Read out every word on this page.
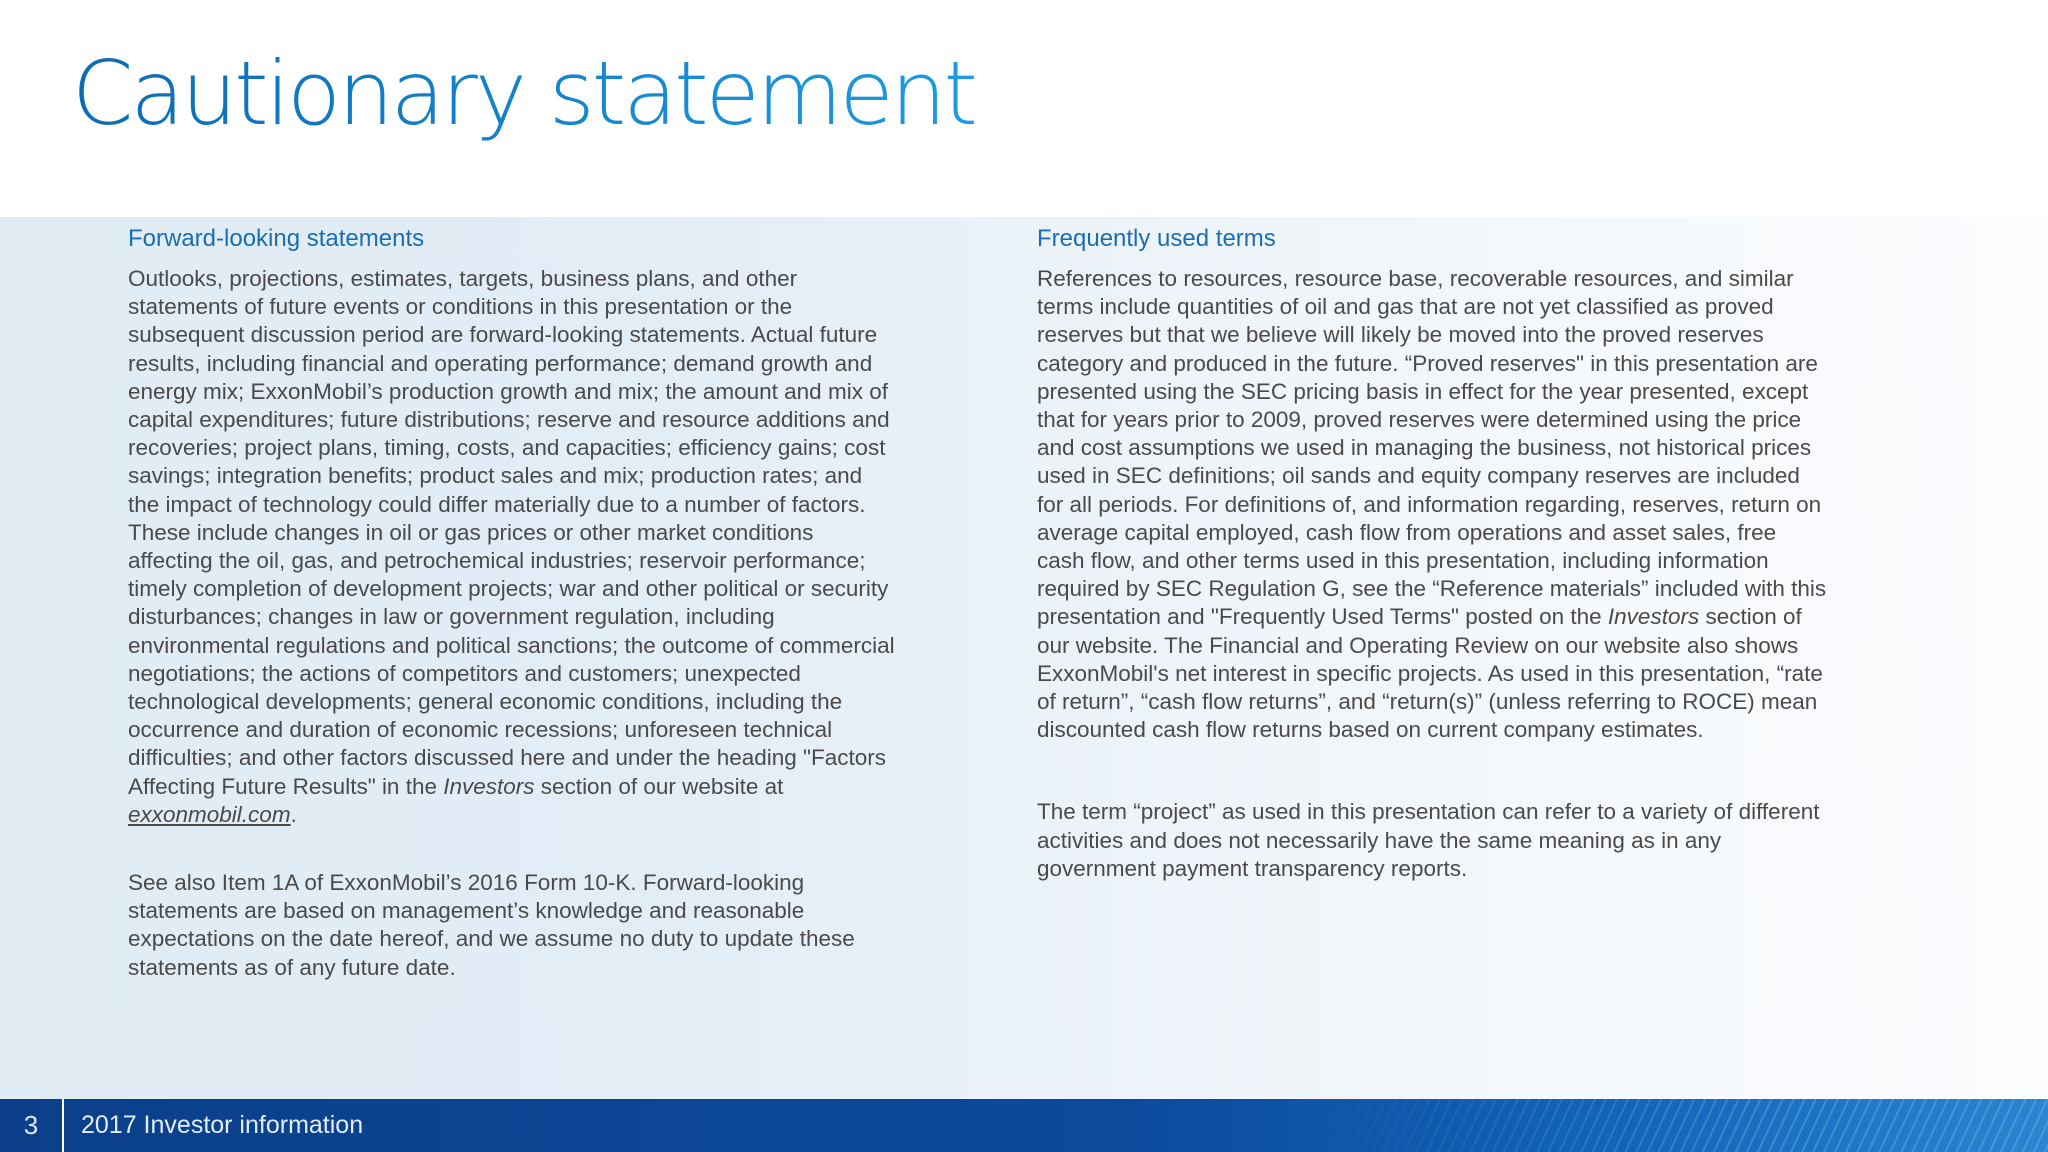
Cautionary statement
Forward-looking statements

Outlooks, projections, estimates, targets, business plans, and other statements of future events or conditions in this presentation or the subsequent discussion period are forward-looking statements. Actual future results, including financial and operating performance; demand growth and energy mix; ExxonMobil’s production growth and mix; the amount and mix of capital expenditures; future distributions; reserve and resource additions and recoveries; project plans, timing, costs, and capacities; efficiency gains; cost savings; integration benefits; product sales and mix; production rates; and the impact of technology could differ materially due to a number of factors. These include changes in oil or gas prices or other market conditions affecting the oil, gas, and petrochemical industries; reservoir performance; timely completion of development projects; war and other political or security disturbances; changes in law or government regulation, including environmental regulations and political sanctions; the outcome of commercial negotiations; the actions of competitors and customers; unexpected technological developments; general economic conditions, including the occurrence and duration of economic recessions; unforeseen technical difficulties; and other factors discussed here and under the heading "Factors Affecting Future Results" in the Investors section of our website at exxonmobil.com.

See also Item 1A of ExxonMobil’s 2016 Form 10-K. Forward-looking statements are based on management’s knowledge and reasonable expectations on the date hereof, and we assume no duty to update these statements as of any future date.

Frequently used terms

References to resources, resource base, recoverable resources, and similar terms include quantities of oil and gas that are not yet classified as proved reserves but that we believe will likely be moved into the proved reserves category and produced in the future. “Proved reserves" in this presentation are presented using the SEC pricing basis in effect for the year presented, except that for years prior to 2009, proved reserves were determined using the price and cost assumptions we used in managing the business, not historical prices used in SEC definitions; oil sands and equity company reserves are included for all periods. For definitions of, and information regarding, reserves, return on average capital employed, cash flow from operations and asset sales, free cash flow, and other terms used in this presentation, including information required by SEC Regulation G, see the “Reference materials” included with this presentation and "Frequently Used Terms" posted on the Investors section of our website. The Financial and Operating Review on our website also shows ExxonMobil's net interest in specific projects. As used in this presentation, “rate of return”, “cash flow returns”, and “return(s)” (unless referring to ROCE) mean discounted cash flow returns based on current company estimates.

The term “project” as used in this presentation can refer to a variety of different activities and does not necessarily have the same meaning as in any government payment transparency reports.

3	2017 Investor information
